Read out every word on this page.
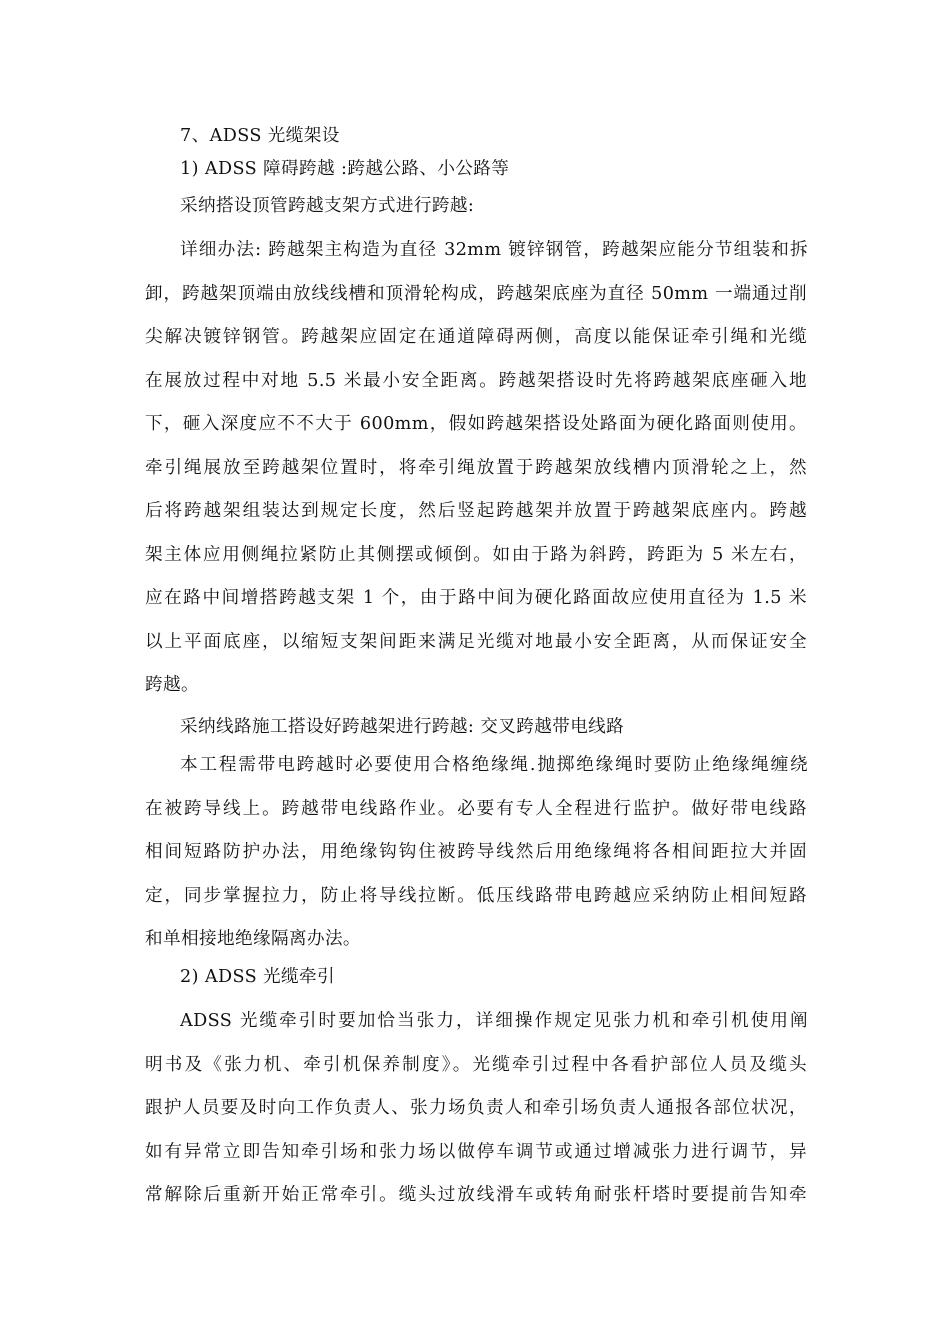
7、ADSS 光缆架设
1) ADSS 障碍跨越 :跨越公路、小公路等
采纳搭设顶管跨越支架方式进行跨越:
详细办法: 跨越架主构造为直径 32mm 镀锌钢管，跨越架应能分节组装和拆
卸，跨越架顶端由放线线槽和顶滑轮构成，跨越架底座为直径 50mm 一端通过削
尖解决镀锌钢管。跨越架应固定在通道障碍两侧，高度以能保证牵引绳和光缆
在展放过程中对地 5.5 米最小安全距离。跨越架搭设时先将跨越架底座砸入地
下，砸入深度应不不大于 600mm，假如跨越架搭设处路面为硬化路面则使用。
牵引绳展放至跨越架位置时，将牵引绳放置于跨越架放线槽内顶滑轮之上，然
后将跨越架组装达到规定长度，然后竖起跨越架并放置于跨越架底座内。跨越
架主体应用侧绳拉紧防止其侧摆或倾倒。如由于路为斜跨，跨距为 5 米左右，
应在路中间增搭跨越支架 1 个，由于路中间为硬化路面故应使用直径为 1.5 米
以上平面底座，以缩短支架间距来满足光缆对地最小安全距离，从而保证安全
跨越。
采纳线路施工搭设好跨越架进行跨越: 交叉跨越带电线路
本工程需带电跨越时必要使用合格绝缘绳.抛掷绝缘绳时要防止绝缘绳缠绕
在被跨导线上。跨越带电线路作业。必要有专人全程进行监护。做好带电线路
相间短路防护办法，用绝缘钩钩住被跨导线然后用绝缘绳将各相间距拉大并固
定，同步掌握拉力，防止将导线拉断。低压线路带电跨越应采纳防止相间短路
和单相接地绝缘隔离办法。
2) ADSS 光缆牵引
ADSS 光缆牵引时要加恰当张力，详细操作规定见张力机和牵引机使用阐
明书及《张力机、牵引机保养制度》。光缆牵引过程中各看护部位人员及缆头
跟护人员要及时向工作负责人、张力场负责人和牵引场负责人通报各部位状况，
如有异常立即告知牵引场和张力场以做停车调节或通过增减张力进行调节，异
常解除后重新开始正常牵引。缆头过放线滑车或转角耐张杆塔时要提前告知牵
